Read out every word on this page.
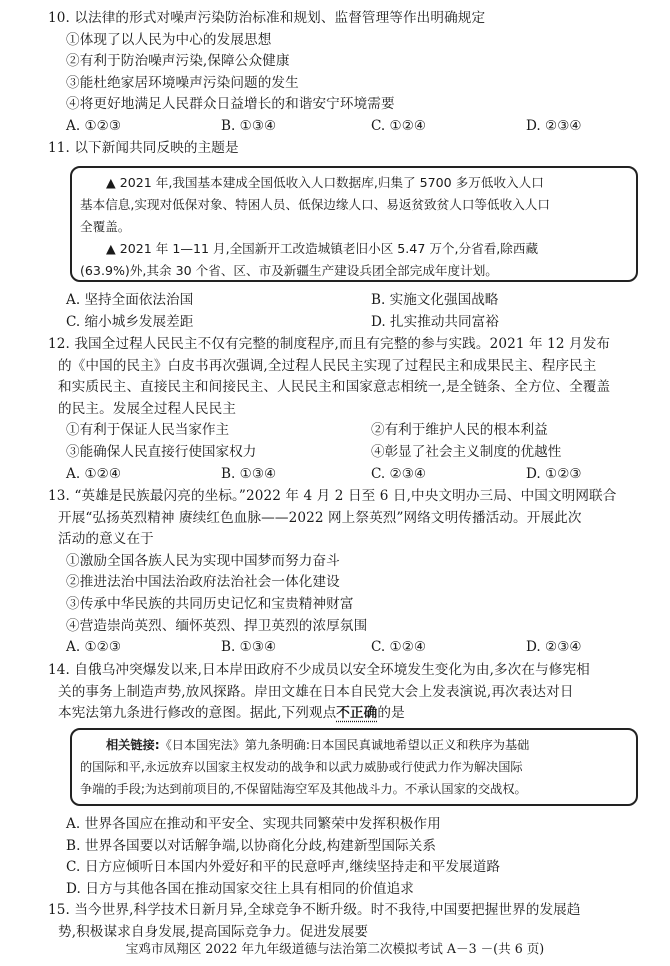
10. 以法律的形式对噪声污染防治标准和规划、监督管理等作出明确规定
①体现了以人民为中心的发展思想
②有利于防治噪声污染,保障公众健康
③能杜绝家居环境噪声污染问题的发生
④将更好地满足人民群众日益增长的和谐安宁环境需要
A. ①②③	B. ①③④	C. ①②④	D. ②③④
11. 以下新闻共同反映的主题是

▲ 2021 年,我国基本建成全国低收入人口数据库,归集了 5700 多万低收入人口

基本信息,实现对低保对象、特困人员、低保边缘人口、易返贫致贫人口等低收入人口

全覆盖。

▲ 2021 年 1—11 月,全国新开工改造城镇老旧小区 5.47 万个,分省看,除西藏

(63.9%)外,其余 30 个省、区、市及新疆生产建设兵团全部完成年度计划。

A. 坚持全面依法治国	B. 实施文化强国战略
C. 缩小城乡发展差距	D. 扎实推动共同富裕
12. 我国全过程人民民主不仅有完整的制度程序,而且有完整的参与实践。2021 年 12 月发布
的《中国的民主》白皮书再次强调,全过程人民民主实现了过程民主和成果民主、程序民主
和实质民主、直接民主和间接民主、人民民主和国家意志相统一,是全链条、全方位、全覆盖
的民主。发展全过程人民民主
①有利于保证人民当家作主	②有利于维护人民的根本利益
③能确保人民直接行使国家权力	④彰显了社会主义制度的优越性
A. ①②④	B. ①③④	C. ②③④	D. ①②③
13. “英雄是民族最闪亮的坐标。”2022 年 4 月 2 日至 6 日,中央文明办三局、中国文明网联合
开展“弘扬英烈精神 赓续红色血脉——2022 网上祭英烈”网络文明传播活动。开展此次
活动的意义在于
①激励全国各族人民为实现中国梦而努力奋斗
②推进法治中国法治政府法治社会一体化建设
③传承中华民族的共同历史记忆和宝贵精神财富
④营造崇尚英烈、缅怀英烈、捍卫英烈的浓厚氛围
A. ①②③	B. ①③④	C. ①②④	D. ②③④
14. 自俄乌冲突爆发以来,日本岸田政府不少成员以安全环境发生变化为由,多次在与修宪相
关的事务上制造声势,放风探路。岸田文雄在日本自民党大会上发表演说,再次表达对日
本宪法第九条进行修改的意图。据此,下列观点不正确的是

相关链接:《日本国宪法》第九条明确:日本国民真诚地希望以正义和秩序为基础

的国际和平,永远放弃以国家主权发动的战争和以武力威胁或行使武力作为解决国际

争端的手段;为达到前项目的,不保留陆海空军及其他战斗力。不承认国家的交战权。

A. 世界各国应在推动和平安全、实现共同繁荣中发挥积极作用
B. 世界各国要以对话解争端,以协商化分歧,构建新型国际关系
C. 日方应倾听日本国内外爱好和平的民意呼声,继续坚持走和平发展道路
D. 日方与其他各国在推动国家交往上具有相同的价值追求
15. 当今世界,科学技术日新月异,全球竞争不断升级。时不我待,中国要把握世界的发展趋
势,积极谋求自身发展,提高国际竞争力。促进发展要
宝鸡市凤翔区 2022 年九年级道德与法治第二次模拟考试 A－3 －(共 6 页)
